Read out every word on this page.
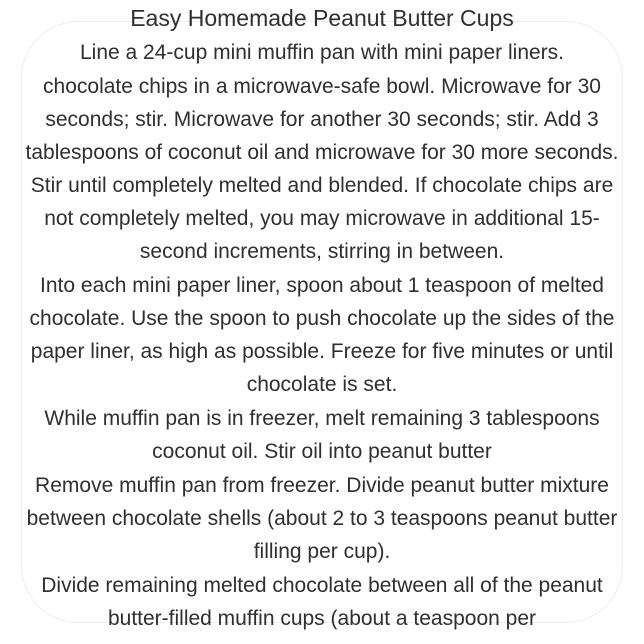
Easy Homemade Peanut Butter Cups

Line a 24-cup mini muffin pan with mini paper liners.

chocolate chips in a microwave-safe bowl. Microwave for 30 seconds; stir. Microwave for another 30 seconds; stir. Add 3 tablespoons of coconut oil and microwave for 30 more seconds. Stir until completely melted and blended. If chocolate chips are not completely melted, you may microwave in additional 15-second increments, stirring in between.

Into each mini paper liner, spoon about 1 teaspoon of melted chocolate. Use the spoon to push chocolate up the sides of the paper liner, as high as possible. Freeze for five minutes or until chocolate is set.

While muffin pan is in freezer, melt remaining 3 tablespoons coconut oil. Stir oil into peanut butter

Remove muffin pan from freezer. Divide peanut butter mixture between chocolate shells (about 2 to 3 teaspoons peanut butter filling per cup).

Divide remaining melted chocolate between all of the peanut butter-filled muffin cups (about a teaspoon per
